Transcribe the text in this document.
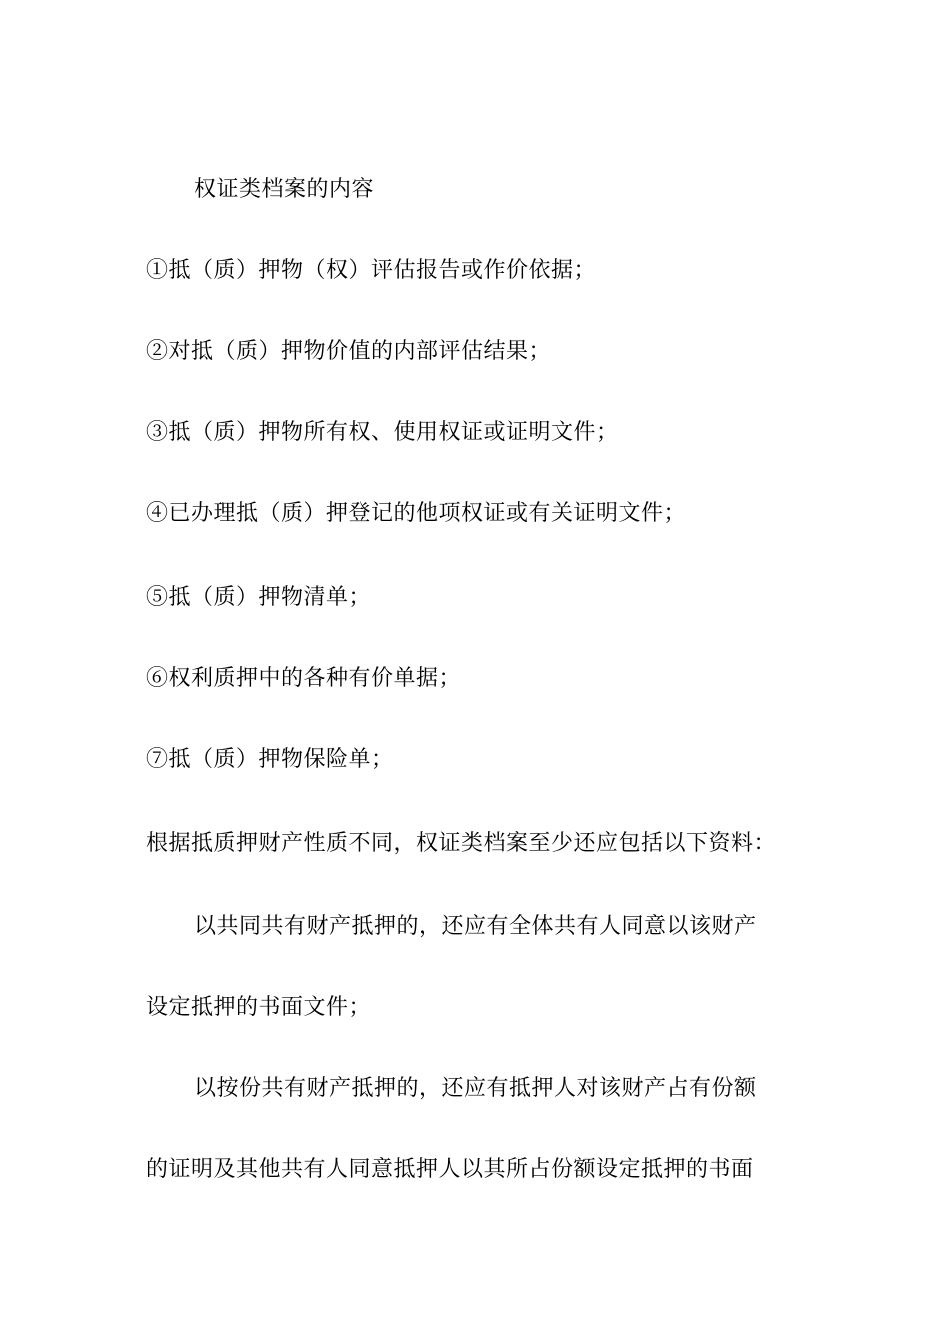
权证类档案的内容
①抵（质）押物（权）评估报告或作价依据；
②对抵（质）押物价值的内部评估结果；
③抵（质）押物所有权、使用权证或证明文件；
④已办理抵（质）押登记的他项权证或有关证明文件；
⑤抵（质）押物清单；
⑥权利质押中的各种有价单据；
⑦抵（质）押物保险单；
根据抵质押财产性质不同，权证类档案至少还应包括以下资料：
以共同共有财产抵押的，还应有全体共有人同意以该财产
设定抵押的书面文件；
以按份共有财产抵押的，还应有抵押人对该财产占有份额
的证明及其他共有人同意抵押人以其所占份额设定抵押的书面
